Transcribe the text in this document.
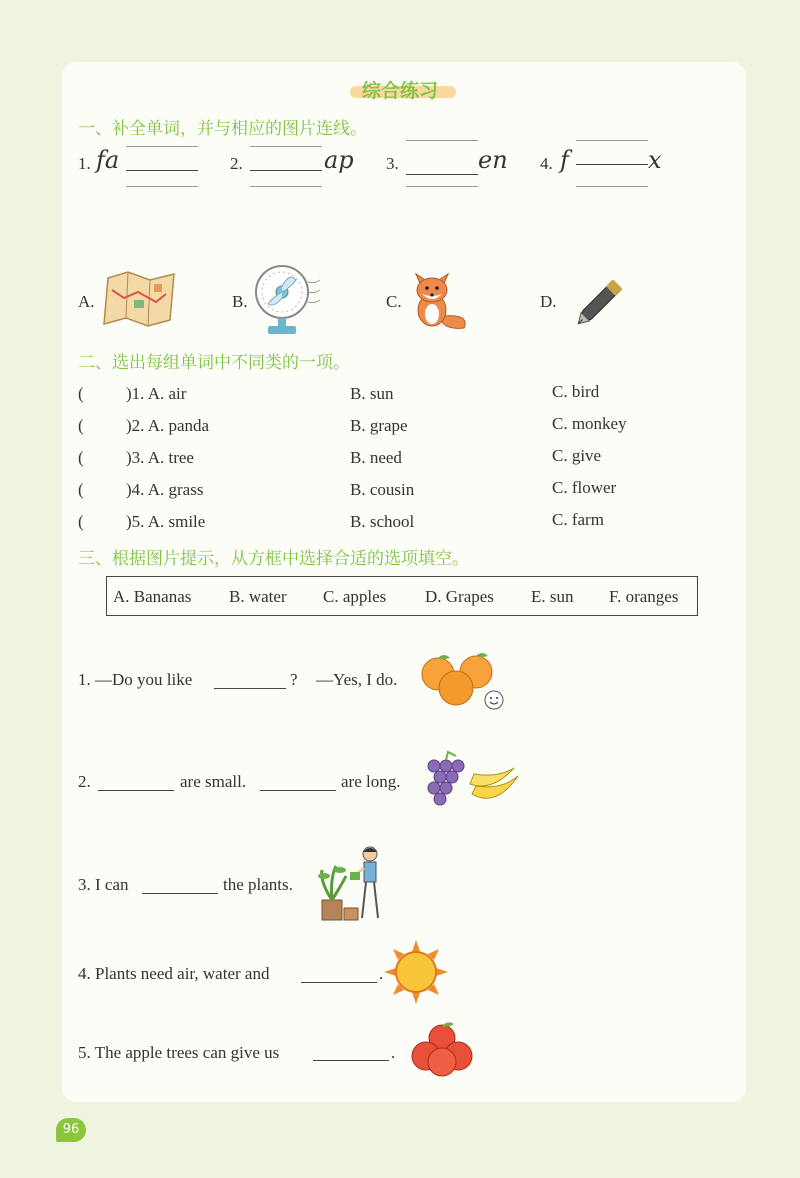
综合练习
一、补全单词，并与相应的图片连线。
1. fa	2.	ap 3.	en 4. f	x
A.	B.	C.	D.
二、选出每组单词中不同类的一项。
( )1. A. air	B. sun	C. bird
( )2. A. panda	B. grape	C. monkey
( )3. A. tree	B. need	C. give
( )4. A. grass	B. cousin	C. flower
( )5. A. smile	B. school	C. farm
三、根据图片提示，从方框中选择合适的选项填空。
A. Bananas B. water C. apples D. Grapes E. sun F. oranges
1. —Do you like	? —Yes, I do.
2.	are small.	are long.
3. I can	the plants.
4. Plants need air, water and	.
5. The apple trees can give us	.
96
